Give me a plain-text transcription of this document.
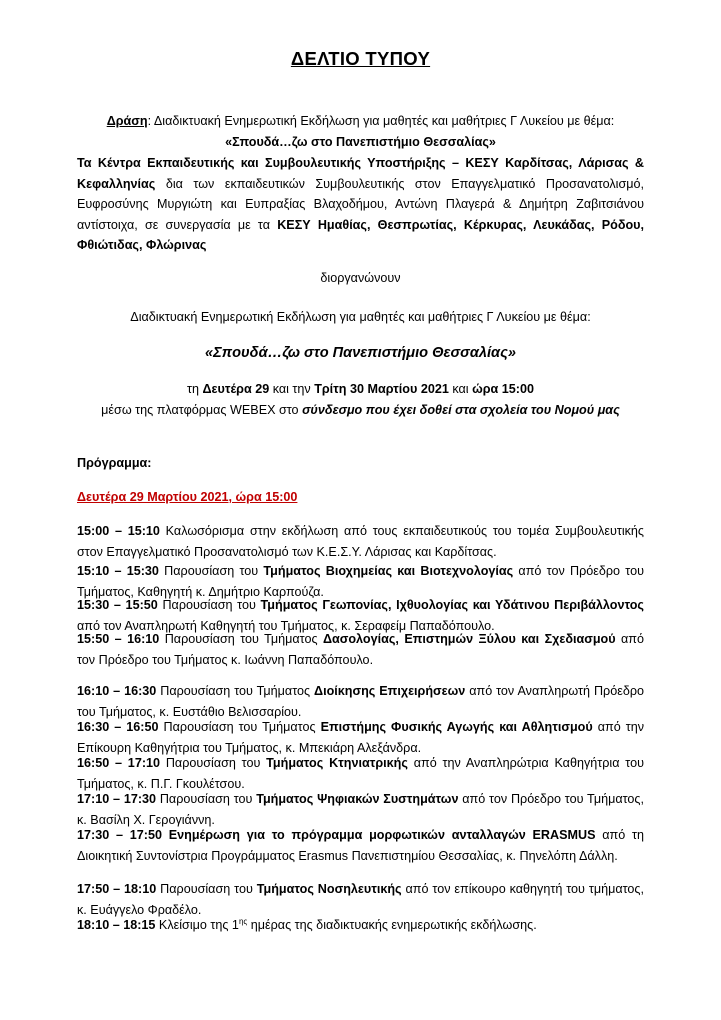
ΔΕΛΤΙΟ ΤΥΠΟΥ

Δράση: Διαδικτυακή Ενημερωτική Εκδήλωση για μαθητές και μαθήτριες Γ Λυκείου με θέμα:

«Σπουδά…ζω στο Πανεπιστήμιο Θεσσαλίας»

Τα Κέντρα Εκπαιδευτικής και Συμβουλευτικής Υποστήριξης – ΚΕΣΥ Καρδίτσας, Λάρισας & Κεφαλληνίας δια των εκπαιδευτικών Συμβουλευτικής στον Επαγγελματικό Προσανατολισμό, Ευφροσύνης Μυργιώτη και Ευπραξίας Βλαχοδήμου, Αντώνη Πλαγερά & Δημήτρη Ζαβιτσιάνου αντίστοιχα, σε συνεργασία με τα ΚΕΣΥ Ημαθίας, Θεσπρωτίας, Κέρκυρας, Λευκάδας, Ρόδου, Φθιώτιδας, Φλώρινας
διοργανώνουν
Διαδικτυακή Ενημερωτική Εκδήλωση για μαθητές και μαθήτριες Γ Λυκείου με θέμα:
«Σπουδά…ζω στο Πανεπιστήμιο Θεσσαλίας»

τη Δευτέρα 29 και την Τρίτη 30 Μαρτίου 2021 και ώρα 15:00

μέσω της πλατφόρμας WEBEX στο σύνδεσμο που έχει δοθεί στα σχολεία του Νομού μας

Πρόγραμμα:
Δευτέρα 29 Μαρτίου 2021, ώρα 15:00
15:00 – 15:10 Καλωσόρισμα στην εκδήλωση από τους εκπαιδευτικούς του τομέα Συμβουλευτικής στον Επαγγελματικό Προσανατολισμό των Κ.Ε.Σ.Υ. Λάρισας και Καρδίτσας.
15:10 – 15:30 Παρουσίαση του Τμήματος Βιοχημείας και Βιοτεχνολογίας από τον Πρόεδρο του Τμήματος, Καθηγητή κ. Δημήτριο Καρπούζα.
15:30 – 15:50 Παρουσίαση του Τμήματος Γεωπονίας, Ιχθυολογίας και Υδάτινου Περιβάλλοντος από τον Αναπληρωτή Καθηγητή του Τμήματος, κ. Σεραφείμ Παπαδόπουλο.
15:50 – 16:10 Παρουσίαση του Τμήματος Δασολογίας, Επιστημών Ξύλου και Σχεδιασμού από τον Πρόεδρο του Τμήματος κ. Ιωάννη Παπαδόπουλο.
16:10 – 16:30 Παρουσίαση του Τμήματος Διοίκησης Επιχειρήσεων από τον Αναπληρωτή Πρόεδρο του Τμήματος, κ. Ευστάθιο Βελισσαρίου.
16:30 – 16:50 Παρουσίαση του Τμήματος Επιστήμης Φυσικής Αγωγής και Αθλητισμού από την Επίκουρη Καθηγήτρια του Τμήματος, κ. Μπεκιάρη Αλεξάνδρα.
16:50 – 17:10 Παρουσίαση του Τμήματος Κτηνιατρικής από την Αναπληρώτρια Καθηγήτρια του Τμήματος, κ. Π.Γ. Γκουλέτσου.
17:10 – 17:30 Παρουσίαση του Τμήματος Ψηφιακών Συστημάτων από τον Πρόεδρο του Τμήματος, κ. Βασίλη Χ. Γερογιάννη.
17:30 – 17:50 Ενημέρωση για το πρόγραμμα μορφωτικών ανταλλαγών ERASMUS από τη Διοικητική Συντονίστρια Προγράμματος Erasmus Πανεπιστημίου Θεσσαλίας, κ. Πηνελόπη Δάλλη.
17:50 – 18:10 Παρουσίαση του Τμήματος Νοσηλευτικής από τον επίκουρο καθηγητή του τμήματος, κ. Ευάγγελο Φραδέλο.
18:10 – 18:15 Κλείσιμο της $1^{\eta\varsigma}$ ημέρας της διαδικτυακής ενημερωτικής εκδήλωσης.
